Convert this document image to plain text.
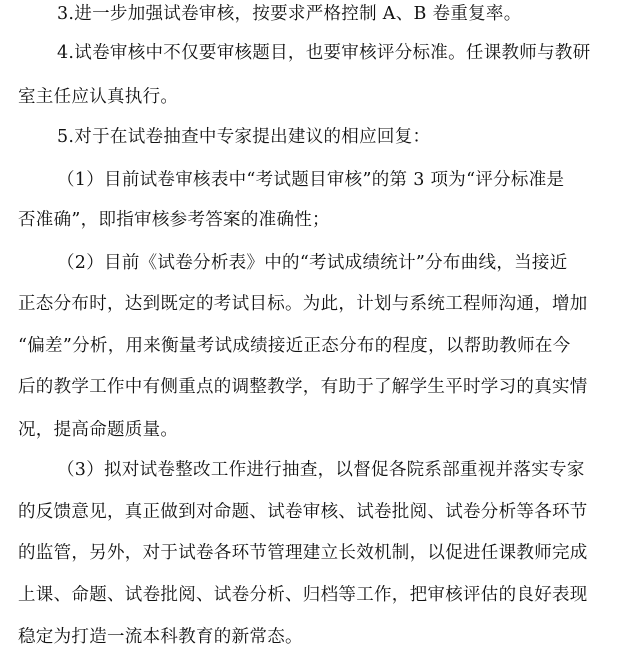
3.进一步加强试卷审核，按要求严格控制 A、B 卷重复率。
4.试卷审核中不仅要审核题目，也要审核评分标准。任课教师与教研
室主任应认真执行。
5.对于在试卷抽查中专家提出建议的相应回复：
（1）目前试卷审核表中“考试题目审核”的第 3 项为“评分标准是
否准确”，即指审核参考答案的准确性；
（2）目前《试卷分析表》中的“考试成绩统计”分布曲线，当接近
正态分布时，达到既定的考试目标。为此，计划与系统工程师沟通，增加
“偏差”分析，用来衡量考试成绩接近正态分布的程度，以帮助教师在今
后的教学工作中有侧重点的调整教学，有助于了解学生平时学习的真实情
况，提高命题质量。
（3）拟对试卷整改工作进行抽查，以督促各院系部重视并落实专家
的反馈意见，真正做到对命题、试卷审核、试卷批阅、试卷分析等各环节
的监管，另外，对于试卷各环节管理建立长效机制，以促进任课教师完成
上课、命题、试卷批阅、试卷分析、归档等工作，把审核评估的良好表现
稳定为打造一流本科教育的新常态。
